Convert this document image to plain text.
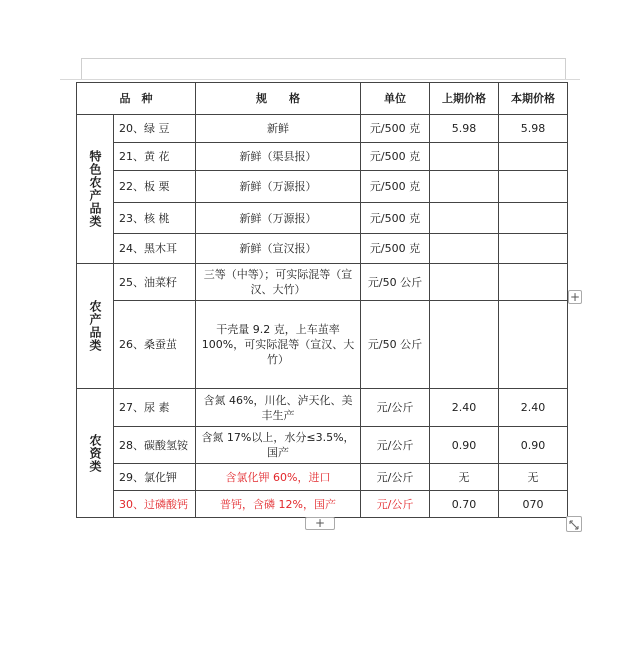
品　种		规　　格	单位	上期价格	本期价格

特色农产品类	20、绿 豆	新鲜	元/500 克	5.98	5.98
	21、黄 花	新鲜（渠县报）	元/500 克		
	22、板 栗	新鲜（万源报）	元/500 克		
	23、核 桃	新鲜（万源报）	元/500 克		
	24、黑木耳	新鲜（宣汉报）	元/500 克		

农产品类	25、油菜籽	三等（中等）；可实际混等（宣汉、大竹）	元/50 公斤		
	26、桑蚕茧	干壳量 9.2 克，上车茧率 100%，可实际混等（宣汉、大竹）	元/50 公斤		

农资类	27、尿 素	含氮 46%，川化、泸天化、美丰生产	元/公斤	2.40	2.40
	28、碳酸氢铵	含氮 17%以上，水分≤3.5%，国产	元/公斤	0.90	0.90
	29、氯化钾	含氯化钾 60%，进口	元/公斤	无	无
	30、过磷酸钙	普钙，含磷 12%，国产	元/公斤	0.70	070
+
+
